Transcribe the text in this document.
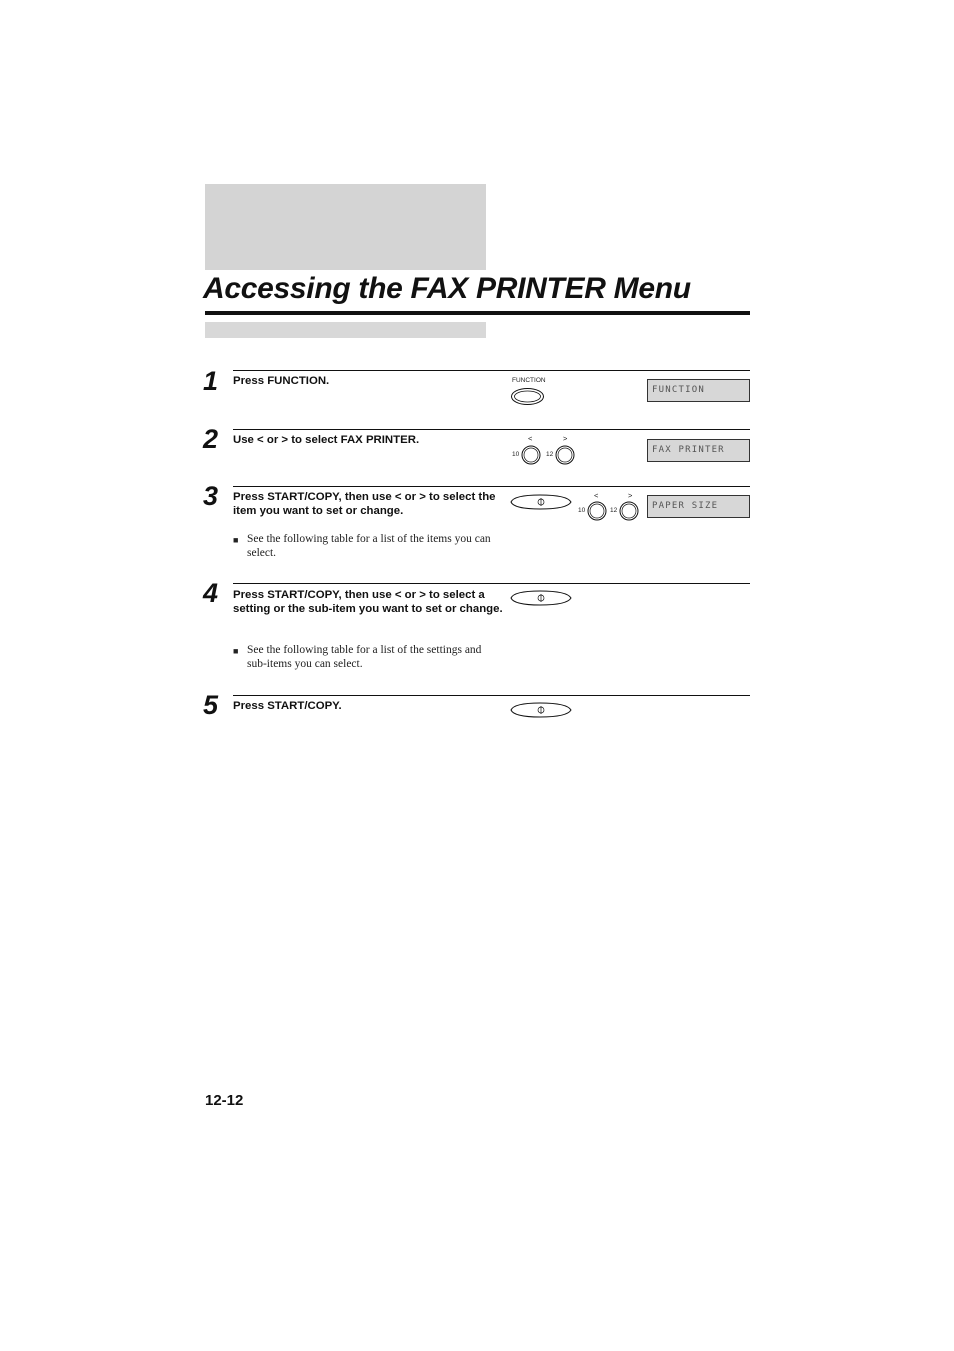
Accessing the FAX PRINTER Menu
1 Press FUNCTION.	FUNCTION
FUNCTION
2 Use < or > to select FAX PRINTER.	<	>
10	12	FAX PRINTER
3 Press START/COPY, then use < or > to select the item you want to set or change.
■ See the following table for a list of the items you can select.
<	>
10	12	PAPER SIZE
4 Press START/COPY, then use < or > to select a setting or the sub-item you want to set or change.
■ See the following table for a list of the settings and sub-items you can select.
5 Press START/COPY.
12-12
